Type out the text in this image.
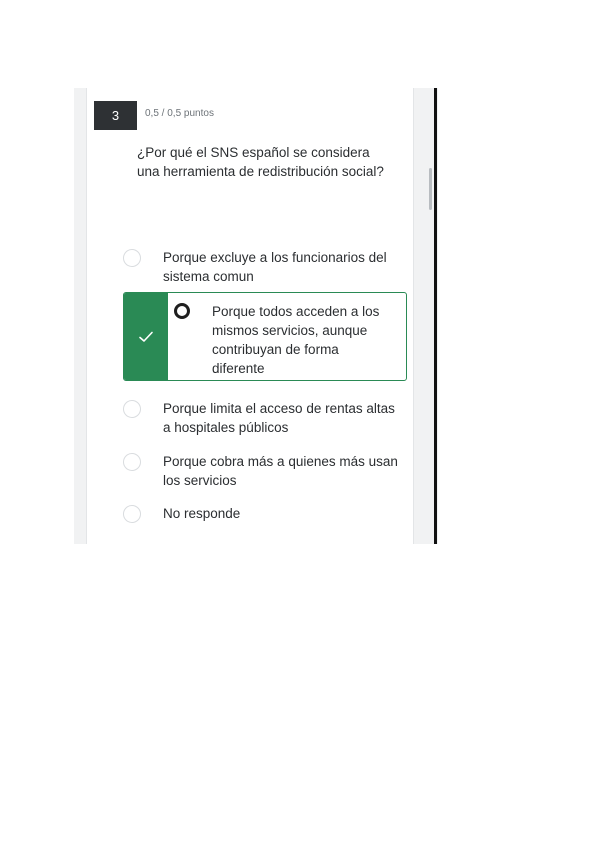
3	0,5 / 0,5 puntos
¿Por qué el SNS español se considera una herramienta de redistribución social?
Porque excluye a los funcionarios del sistema comun
Porque todos acceden a los mismos servicios, aunque contribuyan de forma diferente
Porque limita el acceso de rentas altas a hospitales públicos
Porque cobra más a quienes más usan los servicios
No responde
